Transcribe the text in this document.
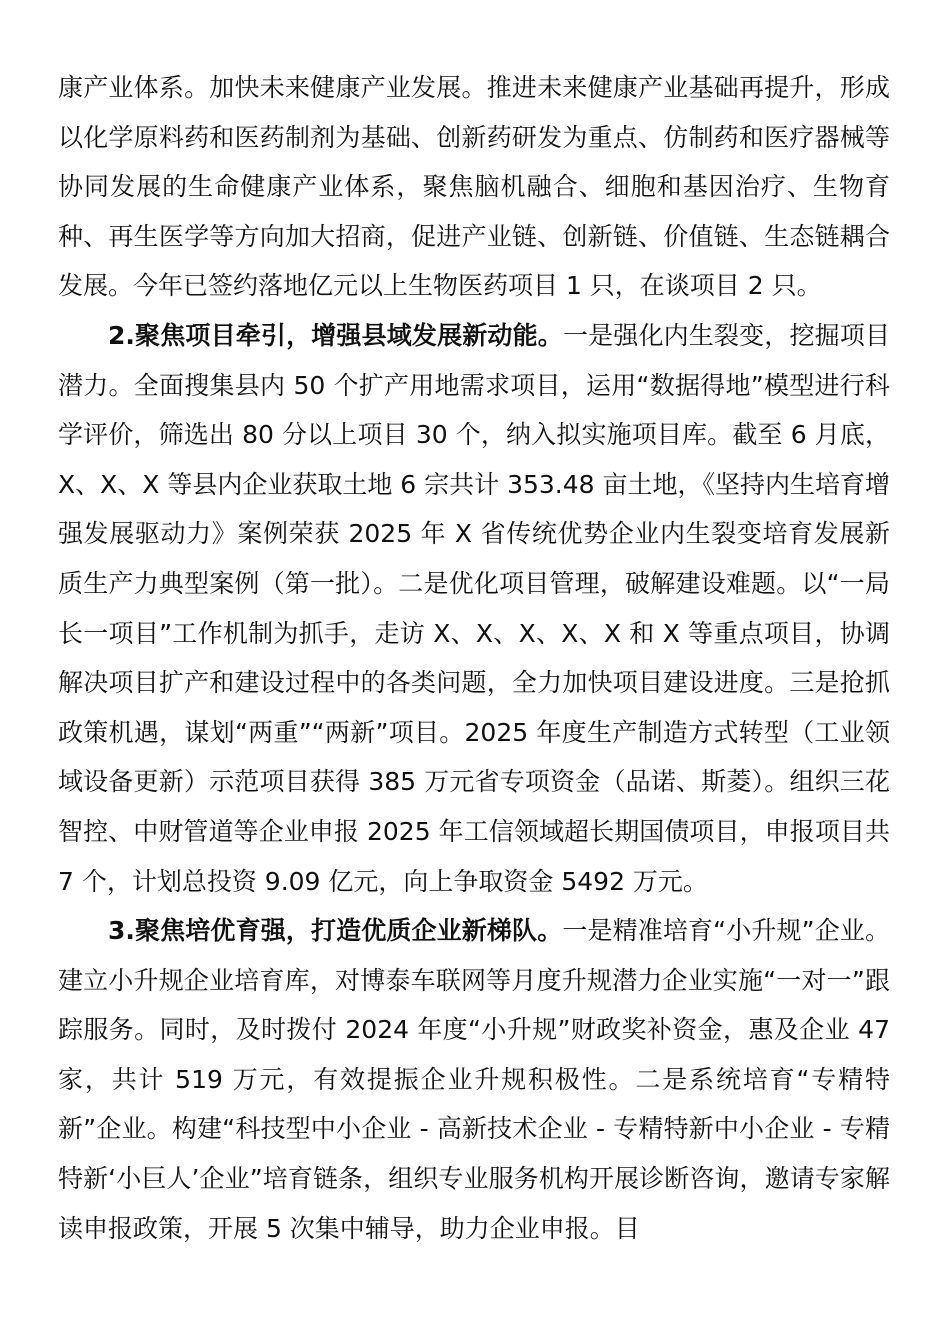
康产业体系。加快未来健康产业发展。推进未来健康产业基础再提升，形成以化学原料药和医药制剂为基础、创新药研发为重点、仿制药和医疗器械等协同发展的生命健康产业体系，聚焦脑机融合、细胞和基因治疗、生物育种、再生医学等方向加大招商，促进产业链、创新链、价值链、生态链耦合发展。今年已签约落地亿元以上生物医药项目 1 只，在谈项目 2 只。

2.聚焦项目牵引，增强县域发展新动能。一是强化内生裂变，挖掘项目潜力。全面搜集县内 50 个扩产用地需求项目，运用“数据得地”模型进行科学评价，筛选出 80 分以上项目 30 个，纳入拟实施项目库。截至 6 月底，X、X、X 等县内企业获取土地 6 宗共计 353.48 亩土地，《坚持内生培育增强发展驱动力》案例荣获 2025 年 X 省传统优势企业内生裂变培育发展新质生产力典型案例（第一批）。二是优化项目管理，破解建设难题。以“一局长一项目”工作机制为抓手，走访 X、X、X、X、X 和 X 等重点项目，协调解决项目扩产和建设过程中的各类问题，全力加快项目建设进度。三是抢抓政策机遇，谋划“两重”“两新”项目。2025 年度生产制造方式转型（工业领域设备更新）示范项目获得 385 万元省专项资金（品诺、斯菱）。组织三花智控、中财管道等企业申报 2025 年工信领域超长期国债项目，申报项目共 7 个，计划总投资 9.09 亿元，向上争取资金 5492 万元。

3.聚焦培优育强，打造优质企业新梯队。一是精准培育“小升规”企业。建立小升规企业培育库，对博泰车联网等月度升规潜力企业实施“一对一”跟踪服务。同时，及时拨付 2024 年度“小升规”财政奖补资金，惠及企业 47 家，共计 519 万元，有效提振企业升规积极性。二是系统培育“专精特新”企业。构建“科技型中小企业 - 高新技术企业 - 专精特新中小企业 - 专精特新‘小巨人’企业”培育链条，组织专业服务机构开展诊断咨询，邀请专家解读申报政策，开展 5 次集中辅导，助力企业申报。目
